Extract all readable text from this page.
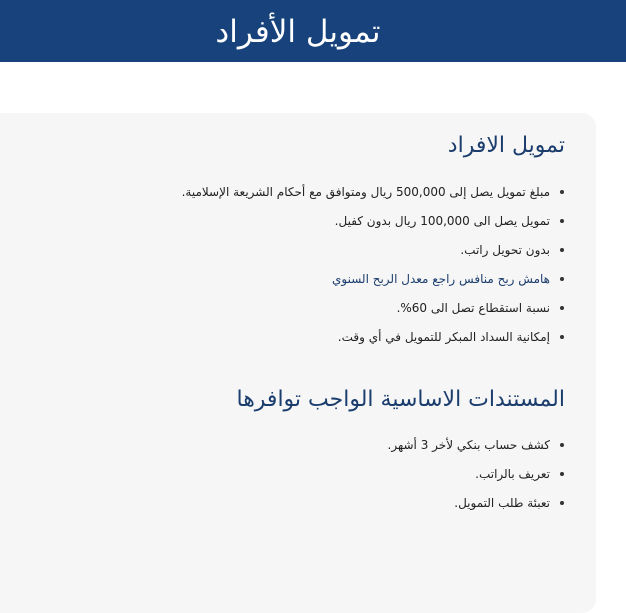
تمويل الأفراد
تمويل الافراد
مبلغ تمويل يصل إلى 500,000 ريال ومتوافق مع أحكام الشريعة الإسلامية.
تمويل يصل الى 100,000 ريال بدون كفيل.
بدون تحويل راتب.
هامش ربح منافس راجع معدل الربح السنوي
نسبة استقطاع تصل الى 60%.
إمكانية السداد المبكر للتمويل في أي وقت.
المستندات الاساسية الواجب توافرها
كشف حساب بنكي لأخر 3 أشهر.
تعريف بالراتب.
تعبئة طلب التمويل.
